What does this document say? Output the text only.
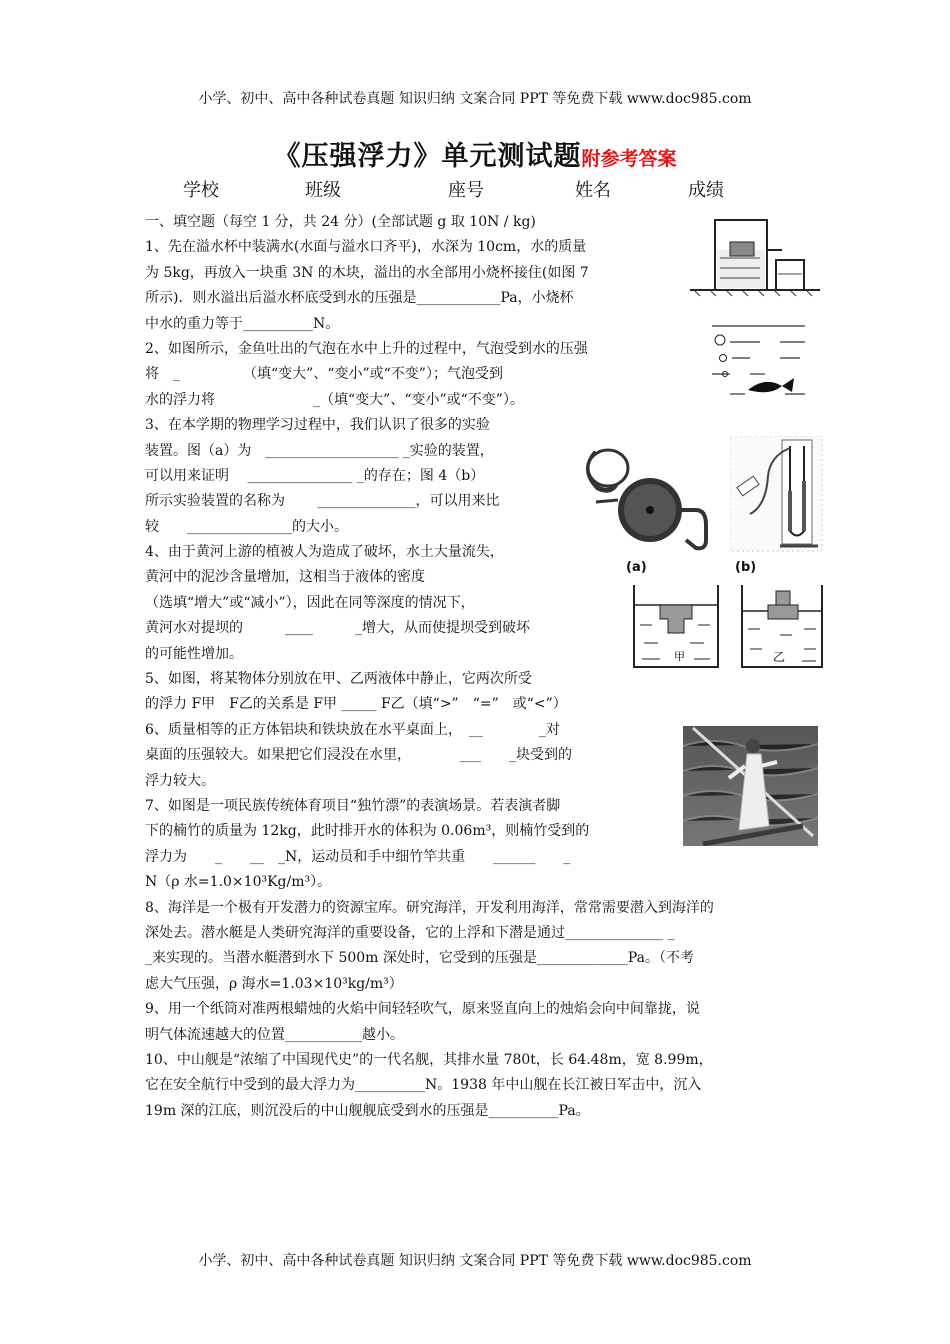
小学、初中、高中各种试卷真题 知识归纳 文案合同 PPT 等免费下载 www.doc985.com
《压强浮力》单元测试题附参考答案
学校	班级	座号	姓名	成绩
一、填空题（每空 1 分，共 24 分）(全部试题 g 取 10N / kg)
1、先在溢水杯中装满水(水面与溢水口齐平)，水深为 10cm，水的质量
为 5kg，再放入一块重 3N 的木块，溢出的水全部用小烧杯接住(如图 7
所示)．则水溢出后溢水杯底受到水的压强是____________Pa，小烧杯
中水的重力等于__________N。
2、如图所示，金鱼吐出的气泡在水中上升的过程中，气泡受到水的压强
将　_　　　　　（填“变大”、“变小”或“不变”）；气泡受到
水的浮力将　　　　　　　_（填“变大”、“变小”或“不变”）。
3、在本学期的物理学习过程中，我们认识了很多的实验
装置。图（a）为　___________________ _实验的装置，
可以用来证明　 _______________ _的存在；图 4（b）
所示实验装置的名称为　　 ______________，可以用来比
较　　_______________的大小。
4、由于黄河上游的植被人为造成了破坏，水土大量流失，
黄河中的泥沙含量增加，这相当于液体的密度
（选填“增大”或“减小”），因此在同等深度的情况下，
黄河水对提坝的　　　____　　　_增大，从而使提坝受到破坏
的可能性增加。
5、如图，将某物体分别放在甲、乙两液体中静止，它两次所受
的浮力 F甲　F乙的关系是 F甲 _____ F乙（填“>”　“=”　或“<”）
6、质量相等的正方体铝块和铁块放在水平桌面上，　__　　　　_对
桌面的压强较大。如果把它们浸没在水里，　　　　___　　_块受到的
浮力较大。
7、如图是一项民族传统体育项目“独竹漂”的表演场景。若表演者脚
下的楠竹的质量为 12kg，此时排开水的体积为 0.06m³，则楠竹受到的
浮力为　　_　　__　_N，运动员和手中细竹竿共重　　______　　_
N（ρ 水=1.0×10³Kg/m³）。
8、海洋是一个极有开发潜力的资源宝库。研究海洋，开发利用海洋，常常需要潜入到海洋的
深处去。潜水艇是人类研究海洋的重要设备，它的上浮和下潜是通过______________ _
_来实现的。当潜水艇潜到水下 500m 深处时，它受到的压强是_____________Pa。（不考
虑大气压强，ρ 海水=1.03×10³kg/m³）
9、用一个纸筒对准两根蜡烛的火焰中间轻轻吹气，原来竖直向上的烛焰会向中间靠拢，说
明气体流速越大的位置___________越小。
10、中山舰是“浓缩了中国现代史”的一代名舰，其排水量 780t，长 64.48m，宽 8.99m，
它在安全航行中受到的最大浮力为__________N。1938 年中山舰在长江被日军击中，沉入
19m 深的江底，则沉没后的中山舰舰底受到水的压强是__________Pa。
(a)	(b)
甲	乙
小学、初中、高中各种试卷真题 知识归纳 文案合同 PPT 等免费下载 www.doc985.com
